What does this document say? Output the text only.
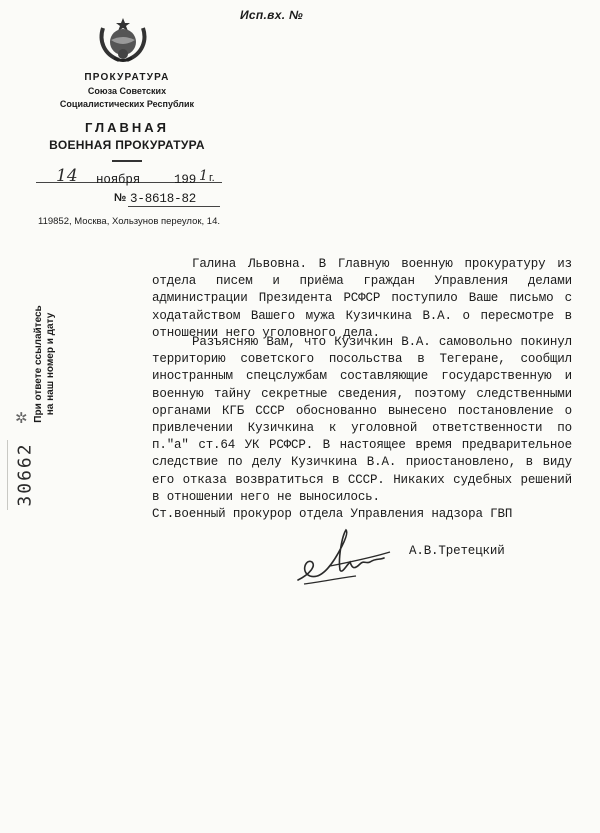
Исп.вх. №
ПРОКУРАТУРА
Союза Советских
Социалистических Республик
ГЛАВНАЯ
ВОЕННАЯ ПРОКУРАТУРА
14 ноября	199 1 г.
№ 3-8618-82
119852, Москва, Хользунов переулок, 14.
При ответе ссылайтесь на наш номер и дату
30662
✲

Галина Львовна. В Главную военную прокуратуру из отдела писем и приёма граждан Управления делами администрации Президента РСФСР поступило Ваше письмо с ходатайством Вашего мужа Кузичкина В.А. о пересмотре в отношении него уголовного дела.

Разъясняю Вам, что Кузичкин В.А. самовольно покинул территорию советского посольства в Тегеране, сообщил иностранным спецслужбам составляющие государственную и военную тайну секретные сведения, поэтому следственными органами КГБ СССР обоснованно вынесено постановление о привлечении Кузичкина к уголовной ответственности по п."а" ст.64 УК РСФСР. В настоящее время предварительное следствие по делу Кузичкина В.А. приостановлено, в виду его отказа возвратиться в СССР. Никаких судебных решений в отношении него не выносилось.

Ст.военный прокурор отдела Управления надзора ГВП
А.В.Третецкий
